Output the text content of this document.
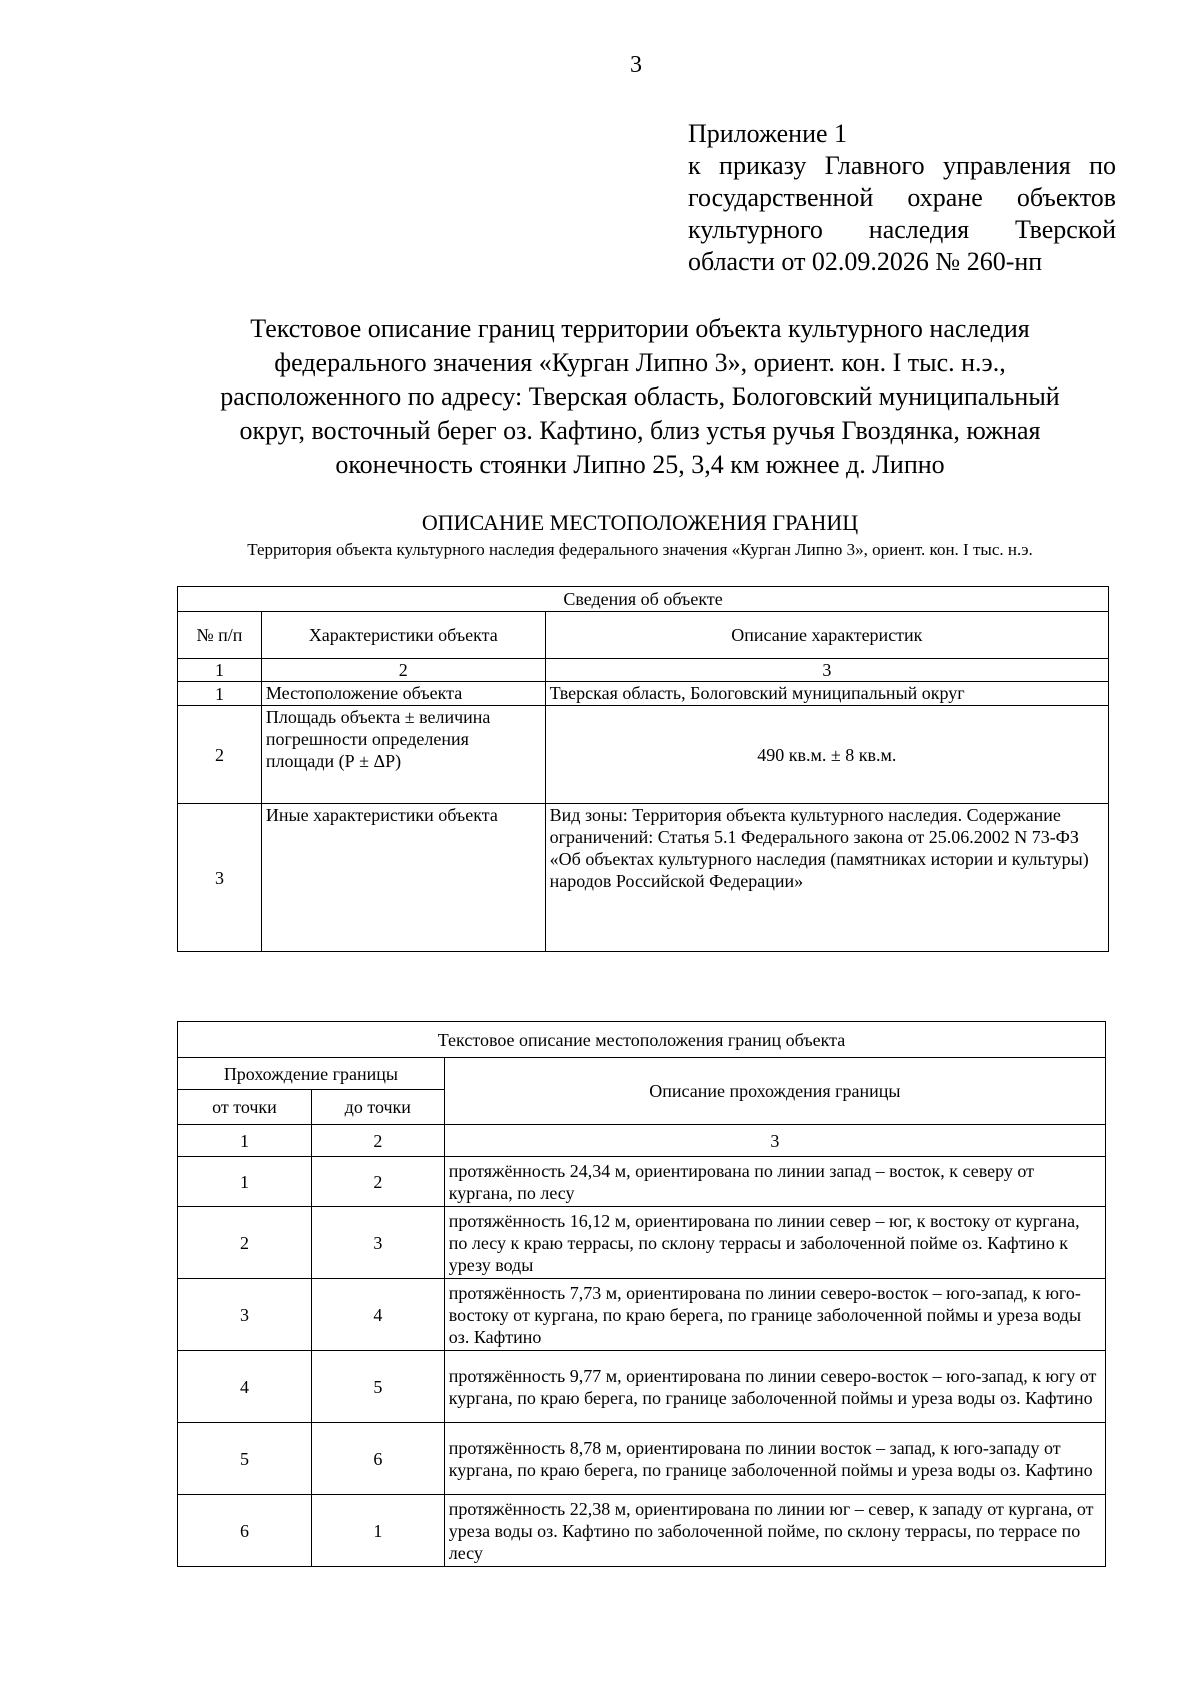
3
Приложение 1
к приказу Главного управления по
государственной охране объектов
культурного наследия Тверской
области от 02.09.2026 № 260-нп
Текстовое описание границ территории объекта культурного наследия
федерального значения «Курган Липно 3», ориент. кон. I тыс. н.э.,
расположенного по адресу: Тверская область, Бологовский муниципальный
округ, восточный берег оз. Кафтино, близ устья ручья Гвоздянка, южная
оконечность стоянки Липно 25, 3,4 км южнее д. Липно
ОПИСАНИЕ МЕСТОПОЛОЖЕНИЯ ГРАНИЦ
Территория объекта культурного наследия федерального значения «Курган Липно 3», ориент. кон. I тыс. н.э.
Сведения об объекте		
№ п/п	Характеристики объекта	Описание характеристик
1	2	3
1	Местоположение объекта	Тверская область, Бологовский муниципальный округ
2	Площадь объекта ± величина погрешности определения площади (Р ± ΔР)	490 кв.м. ± 8 кв.м.
3	Иные характеристики объекта	Вид зоны: Территория объекта культурного наследия. Содержание ограничений: Статья 5.1 Федерального закона от 25.06.2002 N 73-ФЗ «Об объектах культурного наследия (памятниках истории и культуры) народов Российской Федерации»
Текстовое описание местоположения границ объекта		
Прохождение границы		Описание прохождения границы
от точки	до точки	
1	2	3
1	2	протяжённость 24,34 м, ориентирована по линии запад – восток, к северу от кургана, по лесу
2	3	протяжённость 16,12 м, ориентирована по линии север – юг, к востоку от кургана, по лесу к краю террасы, по склону террасы и заболоченной пойме оз. Кафтино к урезу воды
3	4	протяжённость 7,73 м, ориентирована по линии северо-восток – юго-запад, к юго-востоку от кургана, по краю берега, по границе заболоченной поймы и уреза воды оз. Кафтино
4	5	протяжённость 9,77 м, ориентирована по линии северо-восток – юго-запад, к югу от кургана, по краю берега, по границе заболоченной поймы и уреза воды оз. Кафтино
5	6	протяжённость 8,78 м, ориентирована по линии восток – запад, к юго-западу от кургана, по краю берега, по границе заболоченной поймы и уреза воды оз. Кафтино
6	1	протяжённость 22,38 м, ориентирована по линии юг – север, к западу от кургана, от уреза воды оз. Кафтино по заболоченной пойме, по склону террасы, по террасе по лесу
